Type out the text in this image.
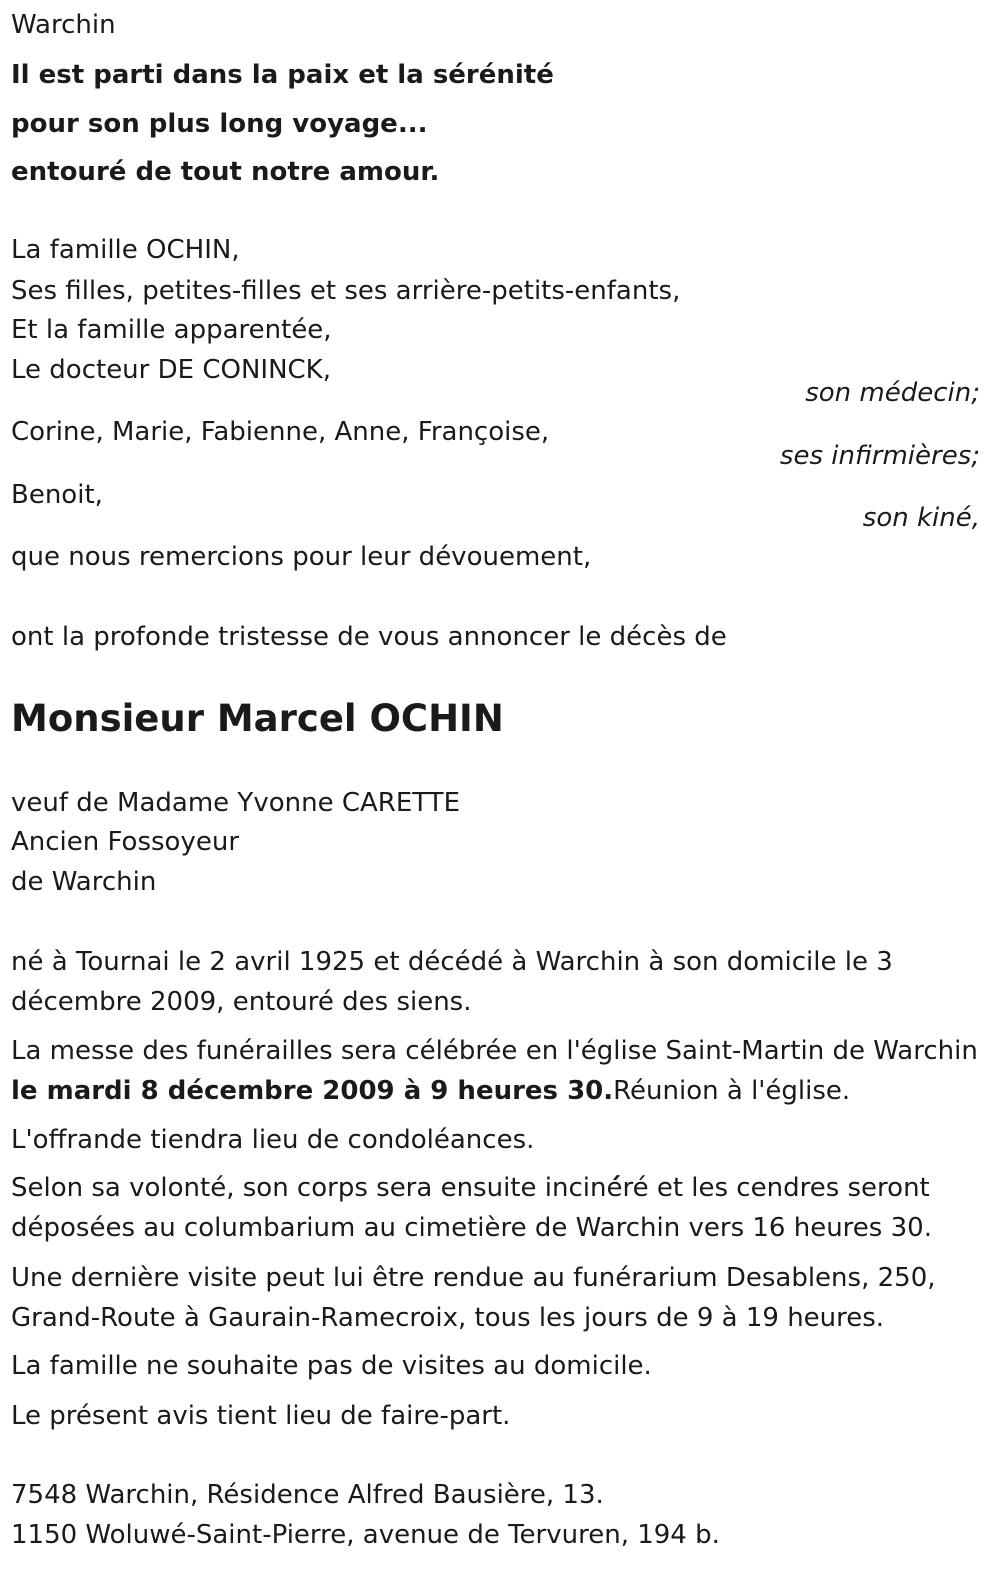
Warchin

Il est parti dans la paix et la sérénité

pour son plus long voyage...

entouré de tout notre amour.

La famille OCHIN,

Ses filles, petites-filles et ses arrière-petits-enfants,

Et la famille apparentée,

Le docteur DE CONINCK,

son médecin;

Corine, Marie, Fabienne, Anne, Françoise,

ses infirmières;

Benoit,

son kiné,

que nous remercions pour leur dévouement,

ont la profonde tristesse de vous annoncer le décès de

Monsieur Marcel OCHIN

veuf de Madame Yvonne CARETTE

Ancien Fossoyeur

de Warchin

né à Tournai le 2 avril 1925 et décédé à Warchin à son domicile le 3 décembre 2009, entouré des siens.

La messe des funérailles sera célébrée en l'église Saint-Martin de Warchin le mardi 8 décembre 2009 à 9 heures 30.Réunion à l'église.

L'offrande tiendra lieu de condoléances.

Selon sa volonté, son corps sera ensuite inciné́ré et les cendres seront déposées au columbarium au cimetière de Warchin vers 16 heures 30.

Une dernière visite peut lui être rendue au funérarium Desablens, 250, Grand-Route à Gaurain-Ramecroix, tous les jours de 9 à 19 heures.

La famille ne souhaite pas de visites au domicile.

Le présent avis tient lieu de faire-part.

7548 Warchin, Résidence Alfred Bausière, 13.

1150 Woluwé-Saint-Pierre, avenue de Tervuren, 194 b.
